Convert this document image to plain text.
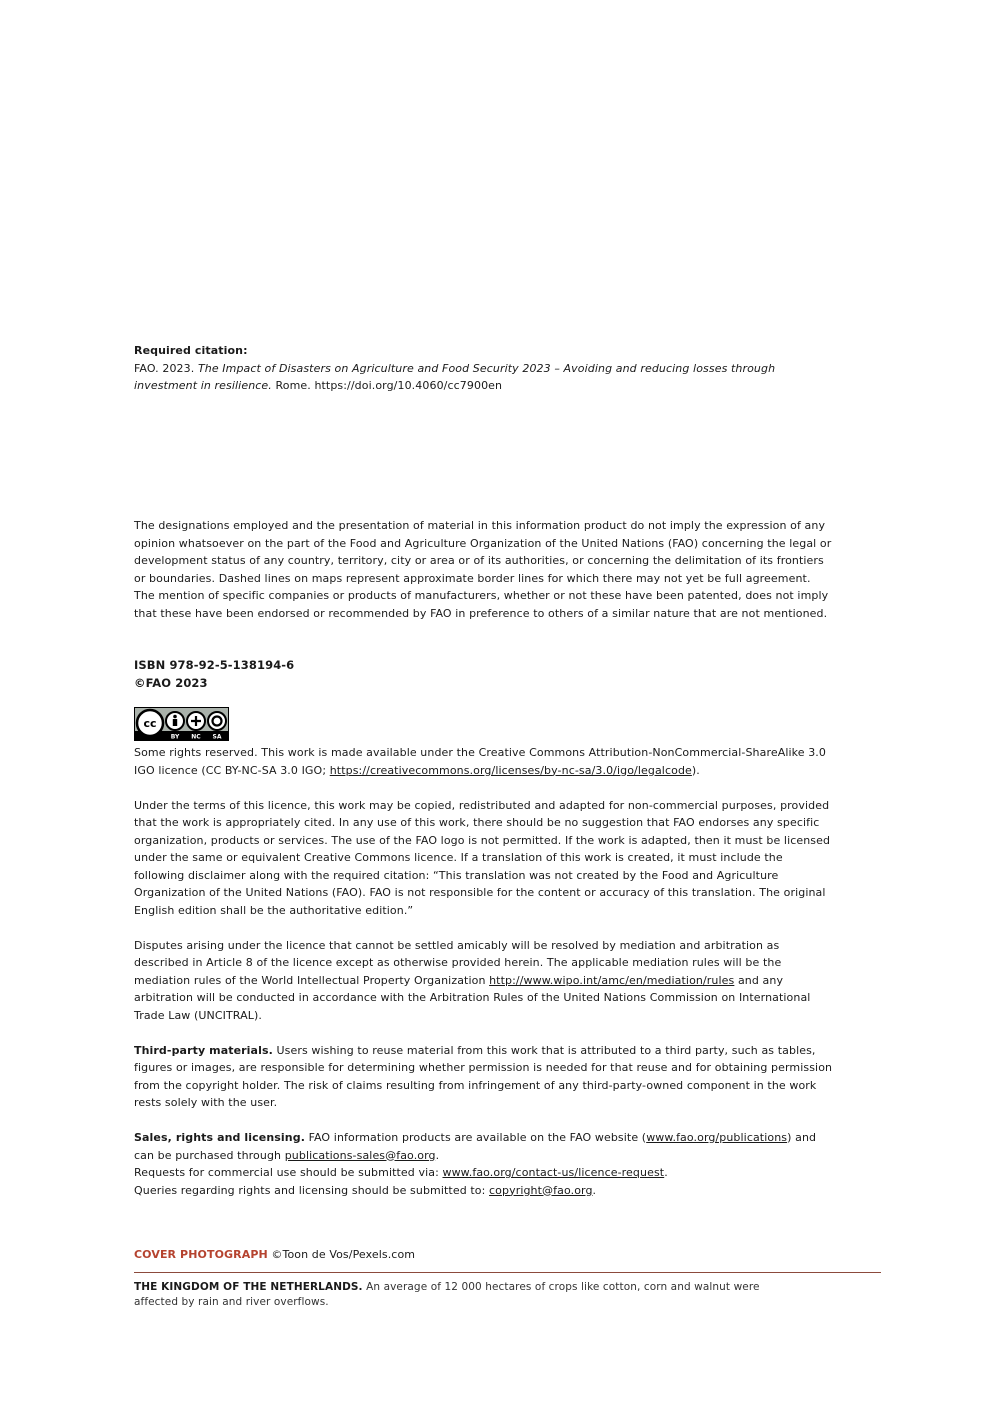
Required citation:
FAO. 2023. The Impact of Disasters on Agriculture and Food Security 2023 – Avoiding and reducing losses through investment in resilience. Rome. https://doi.org/10.4060/cc7900en
The designations employed and the presentation of material in this information product do not imply the expression of any opinion whatsoever on the part of the Food and Agriculture Organization of the United Nations (FAO) concerning the legal or development status of any country, territory, city or area or of its authorities, or concerning the delimitation of its frontiers or boundaries. Dashed lines on maps represent approximate border lines for which there may not yet be full agreement.
The mention of specific companies or products of manufacturers, whether or not these have been patented, does not imply that these have been endorsed or recommended by FAO in preference to others of a similar nature that are not mentioned.
ISBN 978-92-5-138194-6
©FAO 2023
cc
BY NC SA

Some rights reserved. This work is made available under the Creative Commons Attribution-NonCommercial-ShareAlike 3.0 IGO licence (CC BY-NC-SA 3.0 IGO; https://creativecommons.org/licenses/by-nc-sa/3.0/igo/legalcode).

Under the terms of this licence, this work may be copied, redistributed and adapted for non-commercial purposes, provided that the work is appropriately cited. In any use of this work, there should be no suggestion that FAO endorses any specific organization, products or services. The use of the FAO logo is not permitted. If the work is adapted, then it must be licensed under the same or equivalent Creative Commons licence. If a translation of this work is created, it must include the following disclaimer along with the required citation: “This translation was not created by the Food and Agriculture Organization of the United Nations (FAO). FAO is not responsible for the content or accuracy of this translation. The original English edition shall be the authoritative edition.”

Disputes arising under the licence that cannot be settled amicably will be resolved by mediation and arbitration as described in Article 8 of the licence except as otherwise provided herein. The applicable mediation rules will be the mediation rules of the World Intellectual Property Organization http://www.wipo.int/amc/en/mediation/rules and any arbitration will be conducted in accordance with the Arbitration Rules of the United Nations Commission on International Trade Law (UNCITRAL).

Third-party materials. Users wishing to reuse material from this work that is attributed to a third party, such as tables, figures or images, are responsible for determining whether permission is needed for that reuse and for obtaining permission from the copyright holder. The risk of claims resulting from infringement of any third-party-owned component in the work rests solely with the user.

Sales, rights and licensing. FAO information products are available on the FAO website (www.fao.org/publications) and can be purchased through publications-sales@fao.org.
Requests for commercial use should be submitted via: www.fao.org/contact-us/licence-request.
Queries regarding rights and licensing should be submitted to: copyright@fao.org.

COVER PHOTOGRAPH ©Toon de Vos/Pexels.com
THE KINGDOM OF THE NETHERLANDS. An average of 12 000 hectares of crops like cotton, corn and walnut were affected by rain and river overflows.
